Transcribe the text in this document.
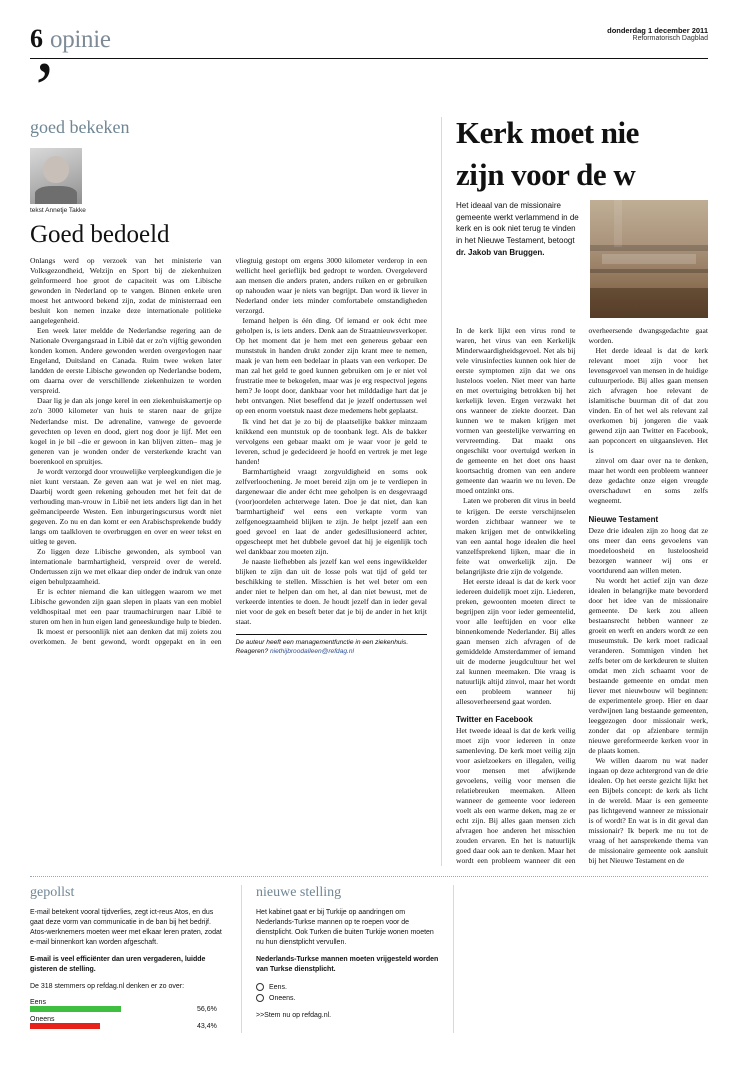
6 opinie	donderdag 1 december 2011
Reformatorisch Dagblad
’
goed bekeken
tekst Annetje Takke
Goed bedoeld

Onlangs werd op verzoek van het ministerie van Volksgezondheid, Welzijn en Sport bij de ziekenhuizen geïnformeerd hoe groot de capaciteit was om Libische gewonden in Nederland op te vangen. Binnen enkele uren moest het antwoord bekend zijn, zodat de ministerraad een besluit kon nemen inzake deze internationale politieke aangelegenheid.

Een week later meldde de Nederlandse regering aan de Nationale Overgangsraad in Libië dat er zo'n vijftig gewonden konden komen. Andere gewonden werden overgevlogen naar Engeland, Duitsland en Canada. Ruim twee weken later landden de eerste Libische gewonden op Nederlandse bodem, om daarna over de verschillende ziekenhuizen te worden verspreid.

Daar lig je dan als jonge kerel in een ziekenhuiskamertje op zo'n 3000 kilometer van huis te staren naar de grijze Nederlandse mist. De adrenaline, vanwege de gevoerde gevechten op leven en dood, giert nog door je lijf. Met een kogel in je bil –die er gewoon in kan blijven zitten– mag je generen van je wonden onder de versterkende kracht van boerenkool en spruitjes.

Je wordt verzorgd door vrouwelijke verpleegkundigen die je niet kunt verstaan. Ze geven aan wat je wel en niet mag. Daarbij wordt geen rekening gehouden met het feit dat de verhouding man-vrouw in Libië net iets anders ligt dan in het geëmancipeerde Westen. Een inburgeringscursus wordt niet gegeven. Zo nu en dan komt er een Arabischsprekende buddy langs om taalkloven te overbruggen en over en weer tekst en uitleg te geven.

Zo liggen deze Libische gewonden, als symbool van internationale barmhartigheid, verspreid over de wereld. Ondertussen zijn we met elkaar diep onder de indruk van onze eigen behulpzaamheid.

Er is echter niemand die kan uitleggen waarom we met Libische gewonden zijn gaan slepen in plaats van een mobiel veldhospitaal met een paar traumachirurgen naar Libië te sturen om hen in hun eigen land geneeskundige hulp te bieden.

Ik moest er persoonlijk niet aan denken dat mij zoiets zou overkomen. Je bent gewond, wordt opgepakt en in een vliegtuig gestopt om ergens 3000 kilometer verderop in een wellicht heel gerieflijk bed gedropt te worden. Overgeleverd aan mensen die anders praten, anders ruiken en er gebruiken op nahouden waar je niets van begrijpt. Dan word ik liever in Nederland onder iets minder comfortabele omstandigheden verzorgd.

Iemand helpen is één ding. Of iemand er ook écht mee geholpen is, is iets anders. Denk aan de Straatnieuwsverkoper. Op het moment dat je hem met een genereus gebaar een munststuk in handen drukt zonder zijn krant mee te nemen, maak je van hem een bedelaar in plaats van een verkoper. De man zal het geld te goed kunnen gebruiken om je er niet vol frustratie mee te bekogelen, maar was je erg respectvol jegens hem? Je loopt door, dankbaar voor het milddadige hart dat je hebt ontvangen. Niet beseffend dat je jezelf ondertussen wel op een enorm voetstuk naast deze medemens hebt geplaatst.

Ik vind het dat je zo bij de plaatselijke bakker minzaam knikkend een muntstuk op de toonbank legt. Als de bakker vervolgens een gebaar maakt om je waar voor je geld te leveren, schud je gedecideerd je hoofd en vertrek je met lege handen!

Barmhartigheid vraagt zorgvuldigheid en soms ook zelfverloochening. Je moet bereid zijn om je te verdiepen in dargenewaar die ander écht mee geholpen is en desgevraagd (voor)oordelen achterwege laten. Doe je dat niet, dan kan 'barmhartigheid' wel eens een verkapte vorm van zelfgenoegzaamheid blijken te zijn. Je helpt jezelf aan een goed gevoel en laat de ander gedesillusioneerd achter, opgescheept met het dubbele gevoel dat hij je eigenlijk toch wel dankbaar zou moeten zijn.

Je naaste liefhebben als jezelf kan wel eens ingewikkelder blijken te zijn dan uit de losse pols wat tijd of geld ter beschikking te stellen. Misschien is het wel beter om een ander niet te helpen dan om het, al dan niet bewust, met de verkeerde intenties te doen. Je houdt jezelf dan in ieder geval niet voor de gek en beseft beter dat je bij de ander in het krijt staat.

De auteur heeft een managementfunctie in een ziekenhuis. Reageren? niethijbroodalleen@refdag.nl
Kerk moet nie
zijn voor de w
Het ideaal van de missionaire gemeente werkt verlammend in de kerk en is ook niet terug te vinden in het Nieuwe Testament, betoogt dr. Jakob van Bruggen.

In de kerk lijkt een virus rond te waren, het virus van een Kerkelijk Minderwaardigheidsgevoel. Net als bij vele virusinfecties kunnen ook hier de eerste symptomen zijn dat we ons lusteloos voelen. Niet meer van harte en met overtuiging betrokken bij het kerkelijk leven. Ergen verzwakt het ons wanneer de ziekte doorzet. Dan kunnen we te maken krijgen met vormen van geestelijke verwarring en vervreemding. Dat maakt ons ongeschikt voor overtuigd werken in de gemeente en het doet ons haast koortsachtig dromen van een andere gemeente dan waarin we nu leven. De moed ontzinkt ons.

Laten we proberen dit virus in beeld te krijgen. De eerste verschijnselen worden zichtbaar wanneer we te maken krijgen met de ontwikkeling van een aantal hoge idealen die heel vanzelfsprekend lijken, maar die in feite wat onwerkelijk zijn. De belangrijkste drie zijn de volgende.

Het eerste ideaal is dat de kerk voor iedereen duidelijk moet zijn. Liederen, preken, gewoonten moeten direct te begrijpen zijn voor ieder gemeentelid, voor alle leeftijden en voor elke binnenkomende Nederlander. Bij alles gaan mensen zich afvragen of de gemiddelde Amsterdammer of iemand uit de moderne jeugdcultuur het wel zal kunnen meemaken. Die vraag is natuurlijk altijd zinvol, maar het wordt een probleem wanneer hij allesoverheersend gaat worden.

Twitter en Facebook

Het tweede ideaal is dat de kerk veilig moet zijn voor iedereen in onze samenleving. De kerk moet veilig zijn voor asielzoekers en illegalen, veilig voor mensen met afwijkende gevoelens, veilig voor mensen die relatiebreuken meemaken. Alleen wanneer de gemeente voor iedereen voelt als een warme deken, mag ze er echt zijn. Bij alles gaan mensen zich afvragen hoe anderen het misschien zouden ervaren. En het is natuurlijk goed daar ook aan te denken. Maar het wordt een probleem wanneer dit een overheersende dwangsgedachte gaat worden.

Het derde ideaal is dat de kerk relevant moet zijn voor het levensgevoel van mensen in de huidige cultuurperiode. Bij alles gaan mensen zich afvragen hoe relevant de islamitische buurman dit of dat zou vinden. En of het wel als relevant zal overkomen bij jongeren die vaak gewend zijn aan Twitter en Facebook, aan popconcert en uitgaansleven. Het is

zinvol om daar over na te denken, maar het wordt een probleem wanneer deze gedachte onze eigen vreugde overschaduwt en soms zelfs wegneemt.

Nieuwe Testament

Deze drie idealen zijn zo hoog dat ze ons meer dan eens gevoelens van moedeloosheid en lusteloosheid bezorgen wanneer wij ons er voortdurend aan willen meten.

Nu wordt het actief zijn van deze idealen in belangrijke mate bevorderd door het idee van de missionaire gemeente. De kerk zou alleen bestaansrecht hebben wanneer ze groeit en werft en anders wordt ze een museumstuk. De kerk moet radicaal veranderen. Sommigen vinden het zelfs beter om de kerkdeuren te sluiten omdat men zich schaamt voor de bestaande gemeente en omdat men liever met nieuwbouw wil beginnen: de experimentele groep. Hier en daar verdwijnen lang bestaande gemeenten, leeggezogen door missionair werk, zonder dat op afzienbare termijn nieuwe gereformeerde kerken voor in de plaats komen.

We willen daarom nu wat nader ingaan op deze achtergrond van de drie idealen. Op het eerste gezicht lijkt het een Bijbels concept: de kerk als licht in de wereld. Maar is een gemeente pas lichtgevend wanneer ze missionair is of wordt? En wat is in dit geval dan missionair? Ik beperk me nu tot de vraag of het aansprekende thema van de missionaire gemeente ook aansluit bij het Nieuwe Testament en de

gepollst

E-mail betekent vooral tijdverlies, zegt ict-reus Atos, en dus gaat deze vorm van communicatie in de ban bij het bedrijf. Atos-werknemers moeten weer met elkaar leren praten, zodat e-mail binnenkort kan worden afgeschaft.

E-mail is veel efficiënter dan uren vergaderen, luidde gisteren de stelling.

De 318 stemmers op refdag.nl denken er zo over:

Eens
56,6%
Oneens
43,4%
nieuwe stelling

Het kabinet gaat er bij Turkije op aandringen om Nederlands-Turkse mannen op te roepen voor de dienstplicht. Ook Turken die buiten Turkije wonen moeten nu hun dienstplicht vervullen.

Nederlands-Turkse mannen moeten vrijgesteld worden van Turkse dienstplicht.

Eens.
Oneens.
>>Stem nu op refdag.nl.
